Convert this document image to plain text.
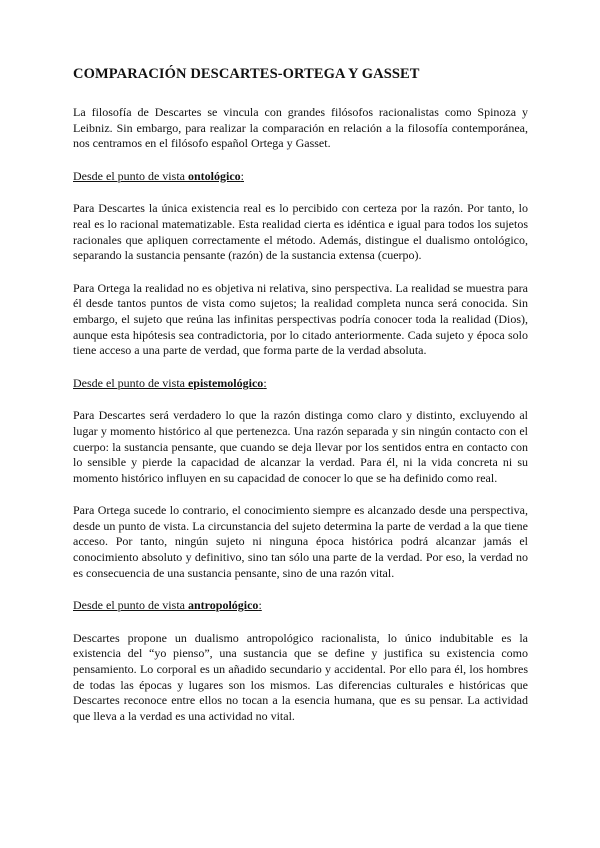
COMPARACIÓN DESCARTES-ORTEGA Y GASSET

La filosofía de Descartes se vincula con grandes filósofos racionalistas como Spinoza y Leibniz. Sin embargo, para realizar la comparación en relación a la filosofía contemporánea, nos centramos en el filósofo español Ortega y Gasset.

Desde el punto de vista ontológico:

Para Descartes la única existencia real es lo percibido con certeza por la razón. Por tanto, lo real es lo racional matematizable. Esta realidad cierta es idéntica e igual para todos los sujetos racionales que apliquen correctamente el método. Además, distingue el dualismo ontológico, separando la sustancia pensante (razón) de la sustancia extensa (cuerpo).

Para Ortega la realidad no es objetiva ni relativa, sino perspectiva. La realidad se muestra para él desde tantos puntos de vista como sujetos; la realidad completa nunca será conocida. Sin embargo, el sujeto que reúna las infinitas perspectivas podría conocer toda la realidad (Dios), aunque esta hipótesis sea contradictoria, por lo citado anteriormente. Cada sujeto y época solo tiene acceso a una parte de verdad, que forma parte de la verdad absoluta.

Desde el punto de vista epistemológico:

Para Descartes será verdadero lo que la razón distinga como claro y distinto, excluyendo al lugar y momento histórico al que pertenezca. Una razón separada y sin ningún contacto con el cuerpo: la sustancia pensante, que cuando se deja llevar por los sentidos entra en contacto con lo sensible y pierde la capacidad de alcanzar la verdad. Para él, ni la vida concreta ni su momento histórico influyen en su capacidad de conocer lo que se ha definido como real.

Para Ortega sucede lo contrario, el conocimiento siempre es alcanzado desde una perspectiva, desde un punto de vista. La circunstancia del sujeto determina la parte de verdad a la que tiene acceso. Por tanto, ningún sujeto ni ninguna época histórica podrá alcanzar jamás el conocimiento absoluto y definitivo, sino tan sólo una parte de la verdad. Por eso, la verdad no es consecuencia de una sustancia pensante, sino de una razón vital.

Desde el punto de vista antropológico:

Descartes propone un dualismo antropológico racionalista, lo único indubitable es la existencia del “yo pienso”, una sustancia que se define y justifica su existencia como pensamiento. Lo corporal es un añadido secundario y accidental. Por ello para él, los hombres de todas las épocas y lugares son los mismos. Las diferencias culturales e históricas que Descartes reconoce entre ellos no tocan a la esencia humana, que es su pensar. La actividad que lleva a la verdad es una actividad no vital.
